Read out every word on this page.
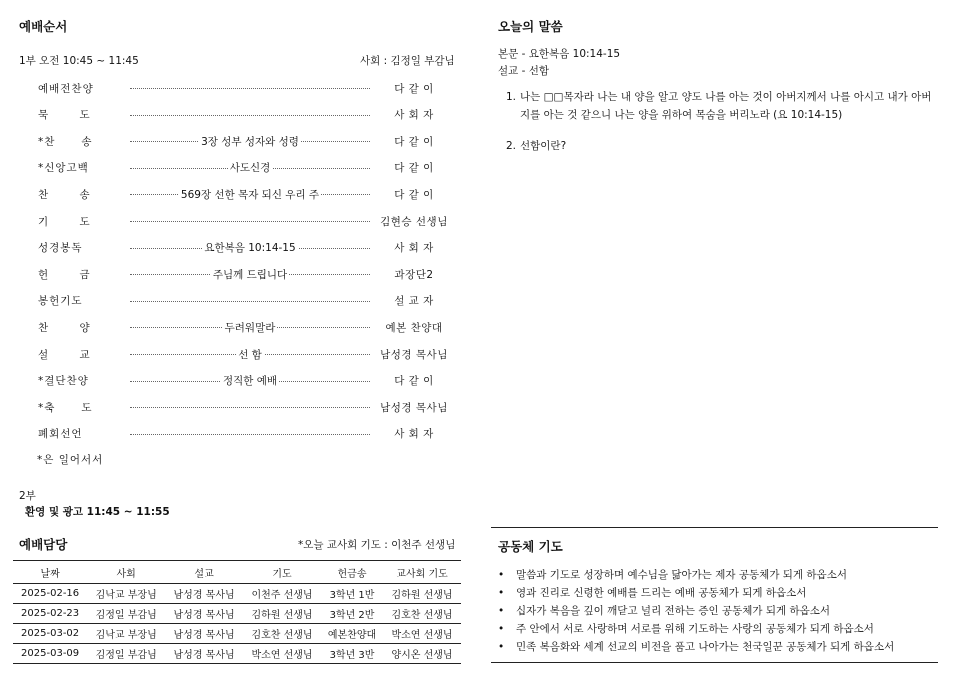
예배순서
1부 오전 10:45 ~ 11:45	사회 : 김정일 부감님
예배전찬양	다 같 이
묵       도	사 회 자
*찬      송	3장 성부 성자와 성령	다 같 이
*신앙고백	사도신경	다 같 이
찬       송	569장 선한 목자 되신 우리 주	다 같 이
기       도	김현승 선생님
성경봉독	요한복음 10:14-15	사 회 자
헌       금	주님께 드립니다	과장단2
봉헌기도	설 교 자
찬       양	두려워말라	예본 찬양대
설       교	선 함	남성경 목사님
*결단찬양	정직한 예배	다 같 이
*축      도	남성경 목사님
폐회선언	사 회 자
*은 일어서서
2부
환영 및 광고 11:45 ~ 11:55
예배담당	*오늘 교사회 기도 : 이천주 선생님
날짜	사회	설교	기도	헌금송	교사회 기도
2025-02-16	김낙교 부장님	남성경 목사님	이천주 선생님	3학년 1반	김하원 선생님
2025-02-23	김정일 부감님	남성경 목사님	김하원 선생님	3학년 2반	김호찬 선생님
2025-03-02	김낙교 부장님	남성경 목사님	김호찬 선생님	예본찬양대	박소연 선생님
2025-03-09	김정일 부감님	남성경 목사님	박소연 선생님	3학년 3반	양시온 선생님
오늘의 말씀
본문 - 요한복음 10:14-15
설교 - 선함
1. 나는 □□목자라 나는 내 양을 알고 양도 나를 아는 것이 아버지께서 나를 아시고 내가 아버지를 아는 것 같으니 나는 양을 위하여 목숨을 버리노라 (요 10:14-15)
2. 선함이란?
공동체 기도
• 말씀과 기도로 성장하며 예수님을 닮아가는 제자 공동체가 되게 하옵소서
• 영과 진리로 신령한 예배를 드리는 예배 공동체가 되게 하옵소서
• 십자가 복음을 깊이 깨닫고 널리 전하는 증인 공동체가 되게 하옵소서
• 주 안에서 서로 사랑하며 서로를 위해 기도하는 사랑의 공동체가 되게 하옵소서
• 민족 복음화와 세계 선교의 비전을 품고 나아가는 천국일꾼 공동체가 되게 하옵소서
